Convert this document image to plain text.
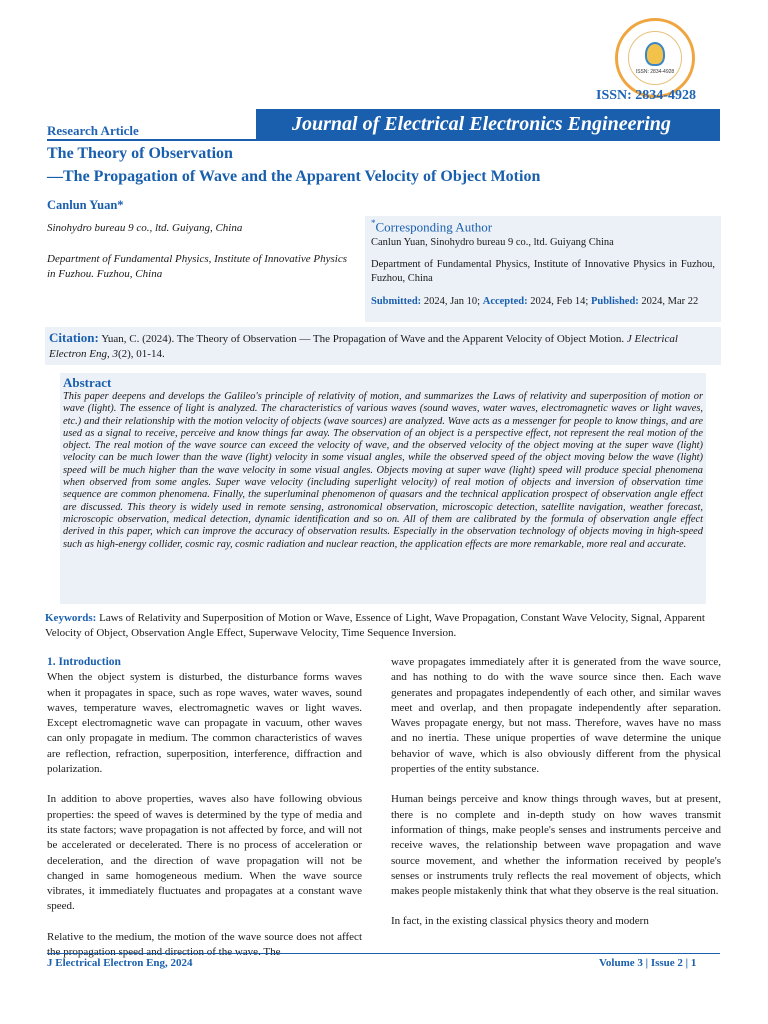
ISSN: 2834-4928
ISSN: 2834-4928
Research Article	Journal of Electrical Electronics Engineering
The Theory of Observation
—The Propagation of Wave and the Apparent Velocity of Object Motion
Canlun Yuan*
Sinohydro bureau 9 co., ltd. Guiyang, China
Department of Fundamental Physics, Institute of Innovative Physics in Fuzhou. Fuzhou, China
*Corresponding Author
Canlun Yuan, Sinohydro bureau 9 co., ltd. Guiyang China
Department of Fundamental Physics, Institute of Innovative Physics in Fuzhou, Fuzhou, China
Submitted: 2024, Jan 10; Accepted: 2024, Feb 14; Published: 2024, Mar 22
Citation: Yuan, C. (2024). The Theory of Observation — The Propagation of Wave and the Apparent Velocity of Object Motion. J Electrical Electron Eng, 3(2), 01-14.
Abstract
This paper deepens and develops the Galileo's principle of relativity of motion, and summarizes the Laws of relativity and superposition of motion or wave (light). The essence of light is analyzed. The characteristics of various waves (sound waves, water waves, electromagnetic waves or light waves, etc.) and their relationship with the motion velocity of objects (wave sources) are analyzed. Wave acts as a messenger for people to know things, and are used as a signal to receive, perceive and know things far away. The observation of an object is a perspective effect, not represent the real motion of the object. The real motion of the wave source can exceed the velocity of wave, and the observed velocity of the object moving at the super wave (light) velocity can be much lower than the wave (light) velocity in some visual angles, while the observed speed of the object moving below the wave (light) speed will be much higher than the wave velocity in some visual angles. Objects moving at super wave (light) speed will produce special phenomena when observed from some angles. Super wave velocity (including superlight velocity) of real motion of objects and inversion of observation time sequence are common phenomena. Finally, the superluminal phenomenon of quasars and the technical application prospect of observation angle effect are discussed. This theory is widely used in remote sensing, astronomical observation, microscopic detection, satellite navigation, weather forecast, microscopic observation, medical detection, dynamic identification and so on. All of them are calibrated by the formula of observation angle effect derived in this paper, which can improve the accuracy of observation results. Especially in the observation technology of objects moving in high-speed such as high-energy collider, cosmic ray, cosmic radiation and nuclear reaction, the application effects are more remarkable, more real and accurate.
Keywords: Laws of Relativity and Superposition of Motion or Wave, Essence of Light, Wave Propagation, Constant Wave Velocity, Signal, Apparent Velocity of Object, Observation Angle Effect, Superwave Velocity, Time Sequence Inversion.
1. Introduction

When the object system is disturbed, the disturbance forms waves when it propagates in space, such as rope waves, water waves, sound waves, temperature waves, electromagnetic waves or light waves. Except electromagnetic wave can propagate in vacuum, other waves can only propagate in medium. The common characteristics of waves are reflection, refraction, superposition, interference, diffraction and polarization.

In addition to above properties, waves also have following obvious properties: the speed of waves is determined by the type of media and its state factors; wave propagation is not affected by force, and will not be accelerated or decelerated. There is no process of acceleration or deceleration, and the direction of wave propagation will not be changed in same homogeneous medium. When the wave source vibrates, it immediately fluctuates and propagates at a constant wave speed.

Relative to the medium, the motion of the wave source does not affect

wave propagates immediately after it is generated from the wave source, and has nothing to do with the wave source since then. Each wave generates and propagates independently of each other, and similar waves meet and overlap, and then propagate independently after separation. Waves propagate energy, but not mass. Therefore, waves have no mass and no inertia. These unique properties of wave determine the unique behavior of wave, which is also obviously different from the physical properties of the entity substance.

Human beings perceive and know things through waves, but at present, there is no complete and in-depth study on how waves transmit information of things, make people's senses and instruments perceive and receive waves, the relationship between wave propagation and wave source movement, and whether the information received by people's senses or instruments truly reflects the real movement of objects, which makes people mistakenly think that what they observe is the real situation.

In fact, in the existing classical physics theory and modern

J Electrical Electron Eng, 2024	Volume 3 | Issue 2 | 1
